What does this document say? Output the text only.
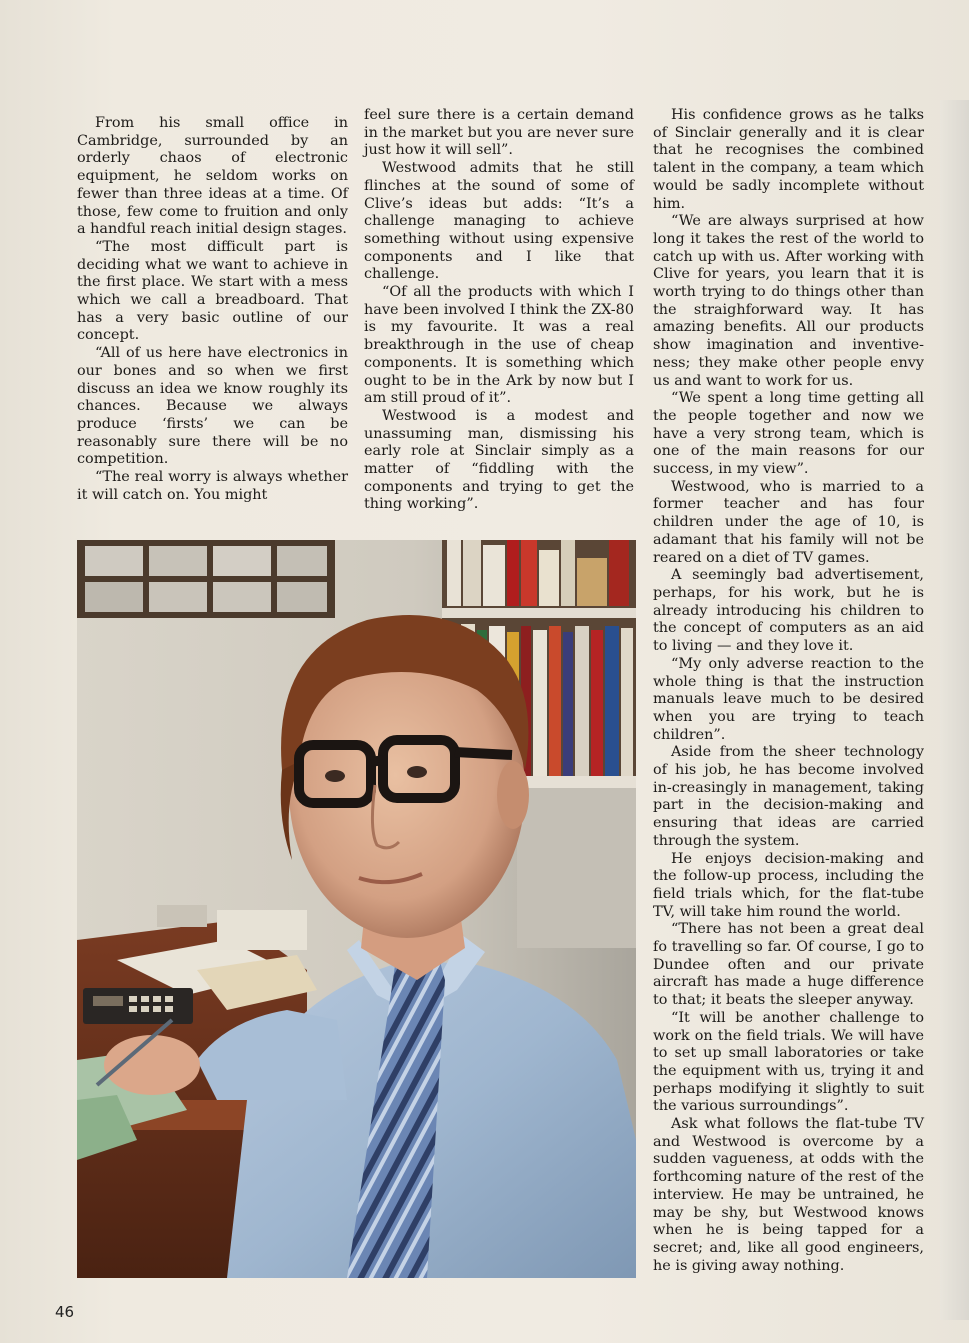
From his small office in Cambridge, surrounded by an orderly chaos of electronic equipment, he seldom works on fewer than three ideas at a time. Of those, few come to fruition and only a handful reach initial design stages.

“The most difficult part is deciding what we want to achieve in the first place. We start with a mess which we call a breadboard. That has a very basic outline of our concept.

“All of us here have electronics in our bones and so when we first discuss an idea we know roughly its chances. Because we always produce ‘firsts’ we can be reasonably sure there will be no competition.

“The real worry is always whether it will catch on. You might

feel sure there is a certain demand in the market but you are never sure just how it will sell”.

Westwood admits that he still flinches at the sound of some of Clive’s ideas but adds: “It’s a challenge managing to achieve something without using expensive components and I like that challenge.

“Of all the products with which I have been involved I think the ZX-80 is my favourite. It was a real breakthrough in the use of cheap components. It is something which ought to be in the Ark by now but I am still proud of it”.

Westwood is a modest and unassuming man, dismissing his early role at Sinclair simply as a matter of “fiddling with the components and trying to get the thing working”.

His confidence grows as he talks of Sinclair generally and it is clear that he recognises the combined talent in the company, a team which would be sadly incomplete without him.

“We are always surprised at how long it takes the rest of the world to catch up with us. After working with Clive for years, you learn that it is worth trying to do things other than the straighforward way. It has amazing benefits. All our products show imagination and inventive-ness; they make other people envy us and want to work for us.

“We spent a long time getting all the people together and now we have a very strong team, which is one of the main reasons for our success, in my view”.

Westwood, who is married to a former teacher and has four children under the age of 10, is adamant that his family will not be reared on a diet of TV games.

A seemingly bad advertisement, perhaps, for his work, but he is already introducing his children to the concept of computers as an aid to living — and they love it.

“My only adverse reaction to the whole thing is that the instruction manuals leave much to be desired when you are trying to teach children”.

Aside from the sheer technology of his job, he has become involved in-creasingly in management, taking part in the decision-making and ensuring that ideas are carried through the system.

He enjoys decision-making and the follow-up process, including the field trials which, for the flat-tube TV, will take him round the world.

“There has not been a great deal fo travelling so far. Of course, I go to Dundee often and our private aircraft has made a huge difference to that; it beats the sleeper anyway.

“It will be another challenge to work on the field trials. We will have to set up small laboratories or take the equipment with us, trying it and perhaps modifying it slightly to suit the various surroundings”.

Ask what follows the flat-tube TV and Westwood is overcome by a sudden vagueness, at odds with the forthcoming nature of the rest of the interview. He may be untrained, he may be shy, but Westwood knows when he is being tapped for a secret; and, like all good engineers, he is giving away nothing.

46
